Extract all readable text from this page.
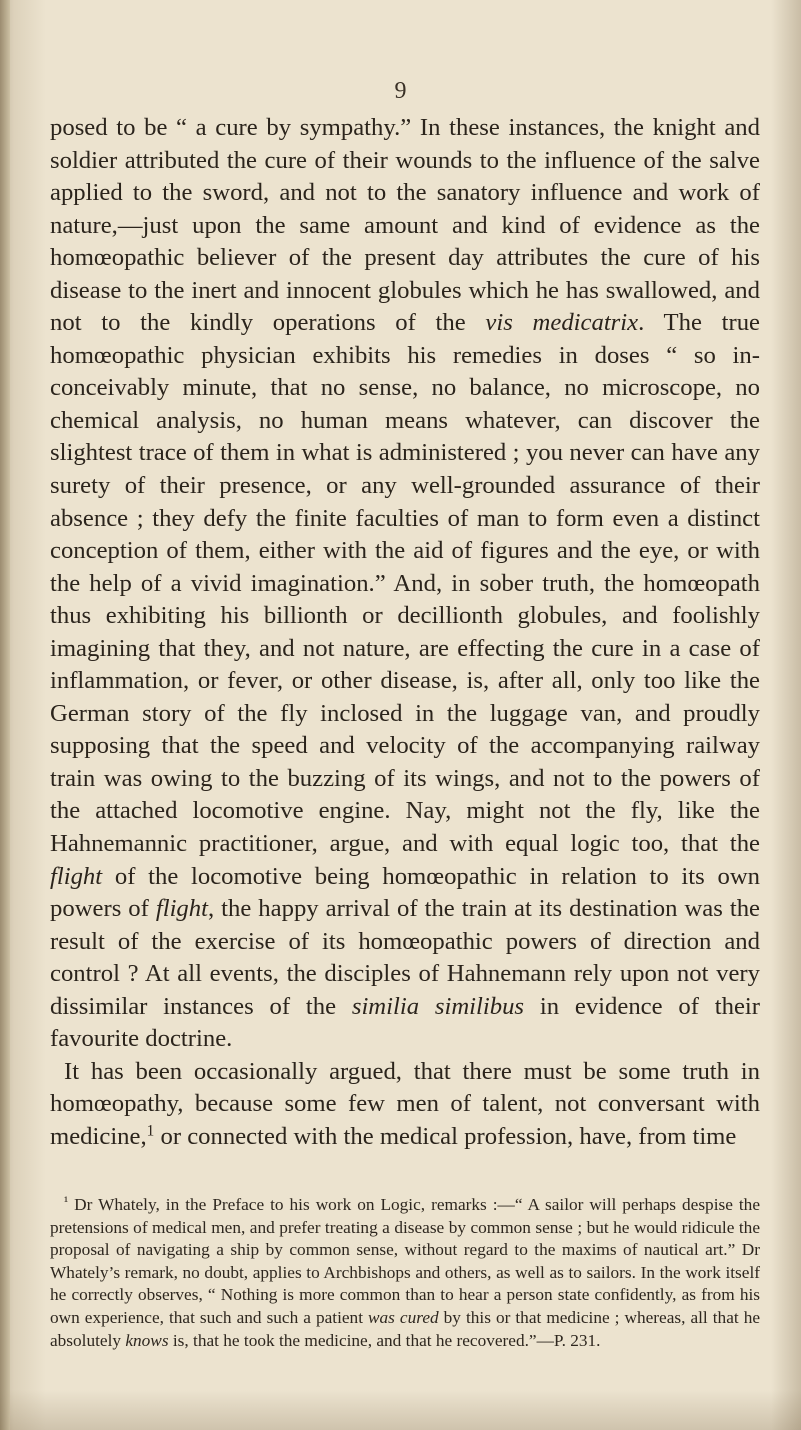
9

posed to be “ a cure by sympathy.” In these instances, the knight and soldier attributed the cure of their wounds to the influence of the salve applied to the sword, and not to the sanatory influence and work of nature,—just upon the same amount and kind of evidence as the homœopathic believer of the present day attributes the cure of his disease to the inert and innocent globules which he has swallowed, and not to the kindly operations of the vis medicatrix. The true homœopathic physician exhibits his remedies in doses “ so inconceivably minute, that no sense, no balance, no microscope, no chemical analysis, no human means whatever, can discover the slightest trace of them in what is administered ; you never can have any surety of their presence, or any well-grounded assurance of their absence ; they defy the finite faculties of man to form even a distinct conception of them, either with the aid of figures and the eye, or with the help of a vivid imagination.” And, in sober truth, the homœopath thus exhibiting his billionth or decillionth globules, and foolishly imagining that they, and not nature, are effecting the cure in a case of inflammation, or fever, or other disease, is, after all, only too like the German story of the fly inclosed in the luggage van, and proudly supposing that the speed and velocity of the accompanying railway train was owing to the buzzing of its wings, and not to the powers of the attached locomotive engine. Nay, might not the fly, like the Hahnemannic practitioner, argue, and with equal logic too, that the flight of the locomotive being homœopathic in relation to its own powers of flight, the happy arrival of the train at its destination was the result of the exercise of its homœopathic powers of direction and control ? At all events, the disciples of Hahnemann rely upon not very dissimilar instances of the similia similibus in evidence of their favourite doctrine.

It has been occasionally argued, that there must be some truth in homœopathy, because some few men of talent, not conversant with medicine,$^1$ or connected with the medical profession, have, from time

$^{^1}$ Dr Whately, in the Preface to his work on Logic, remarks :—“ A sailor will perhaps despise the pretensions of medical men, and prefer treating a disease by common sense ; but he would ridicule the proposal of navigating a ship by common sense, without regard to the maxims of nautical art.” Dr Whately’s remark, no doubt, applies to Archbishops and others, as well as to sailors. In the work itself he correctly observes, “ Nothing is more common than to hear a person state confidently, as from his own experience, that such and such a patient was cured by this or that medicine ; whereas, all that he absolutely knows is, that he took the medicine, and that he recovered.”—P. 231.
